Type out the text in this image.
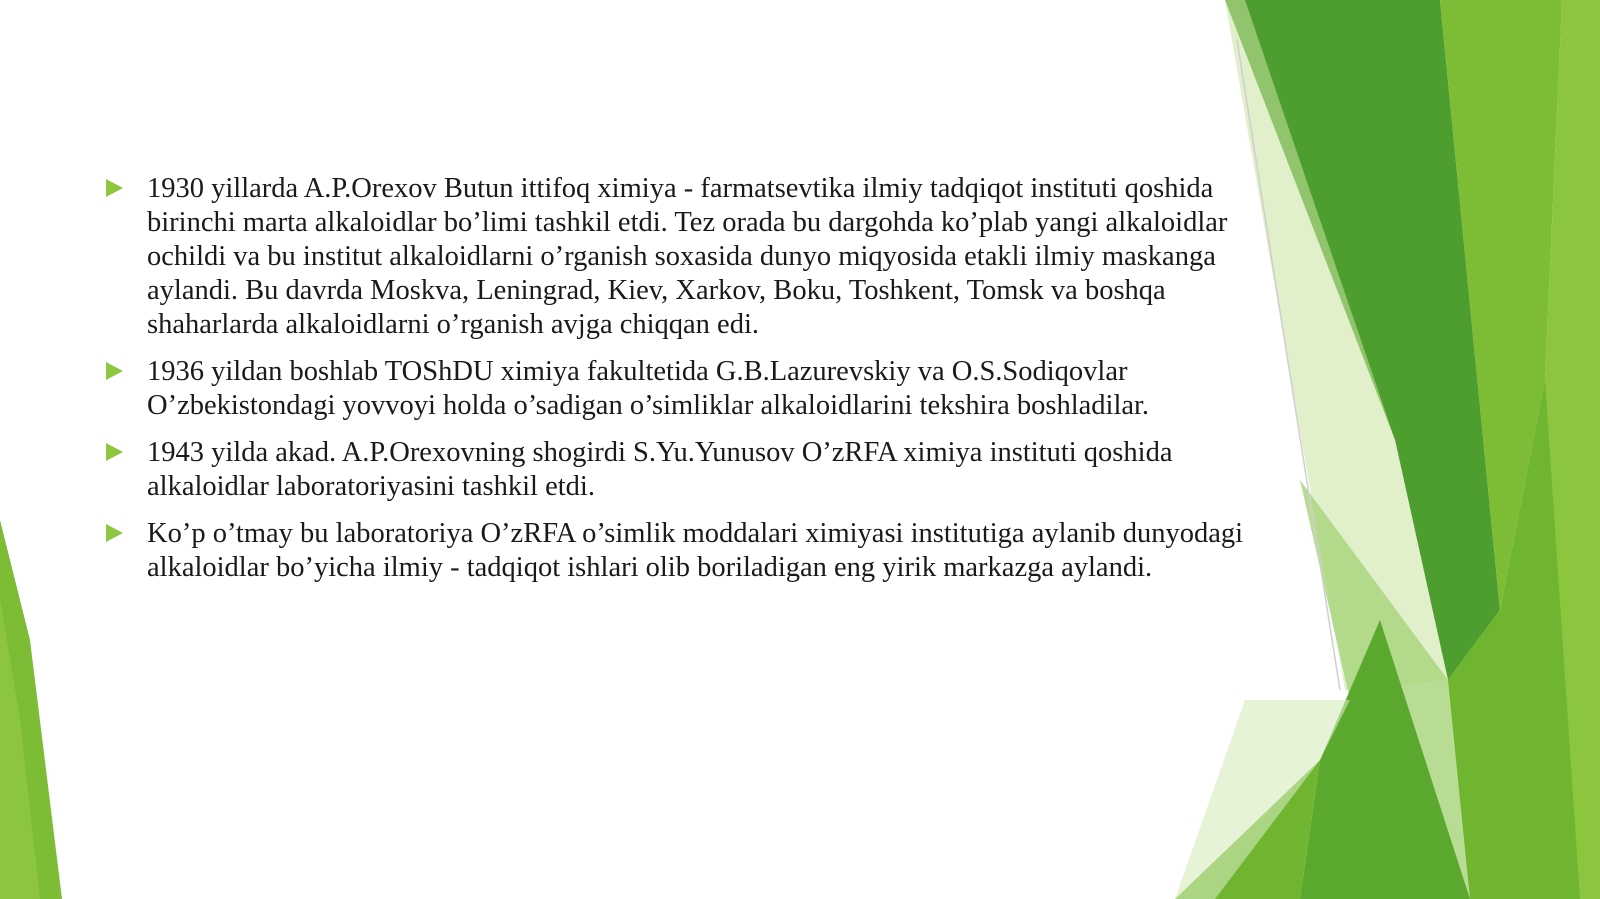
1930 yillarda A.P.Orexov Butun ittifoq ximiya - farmatsevtika ilmiy tadqiqot instituti qoshida birinchi marta alkaloidlar bo’limi tashkil etdi. Tez orada bu dargohda ko’plab yangi alkaloidlar ochildi va bu institut alkaloidlarni o’rganish soxasida dunyo miqyosida etakli ilmiy maskanga aylandi. Bu davrda Moskva, Leningrad, Kiev, Xarkov, Boku, Toshkent, Tomsk va boshqa shaharlarda alkaloidlarni o’rganish avjga chiqqan edi.
1936 yildan boshlab TOShDU ximiya fakultetida G.B.Lazurevskiy va O.S.Sodiqovlar O’zbekistondagi yovvoyi holda o’sadigan o’simliklar alkaloidlarini tekshira boshladilar.
1943 yilda akad. A.P.Orexovning shogirdi S.Yu.Yunusov O’zRFA ximiya instituti qoshida alkaloidlar laboratoriyasini tashkil etdi.
Ko’p o’tmay bu laboratoriya O’zRFA o’simlik moddalari ximiyasi institutiga aylanib dunyodagi alkaloidlar bo’yicha ilmiy - tadqiqot ishlari olib boriladigan eng yirik markazga aylandi.
